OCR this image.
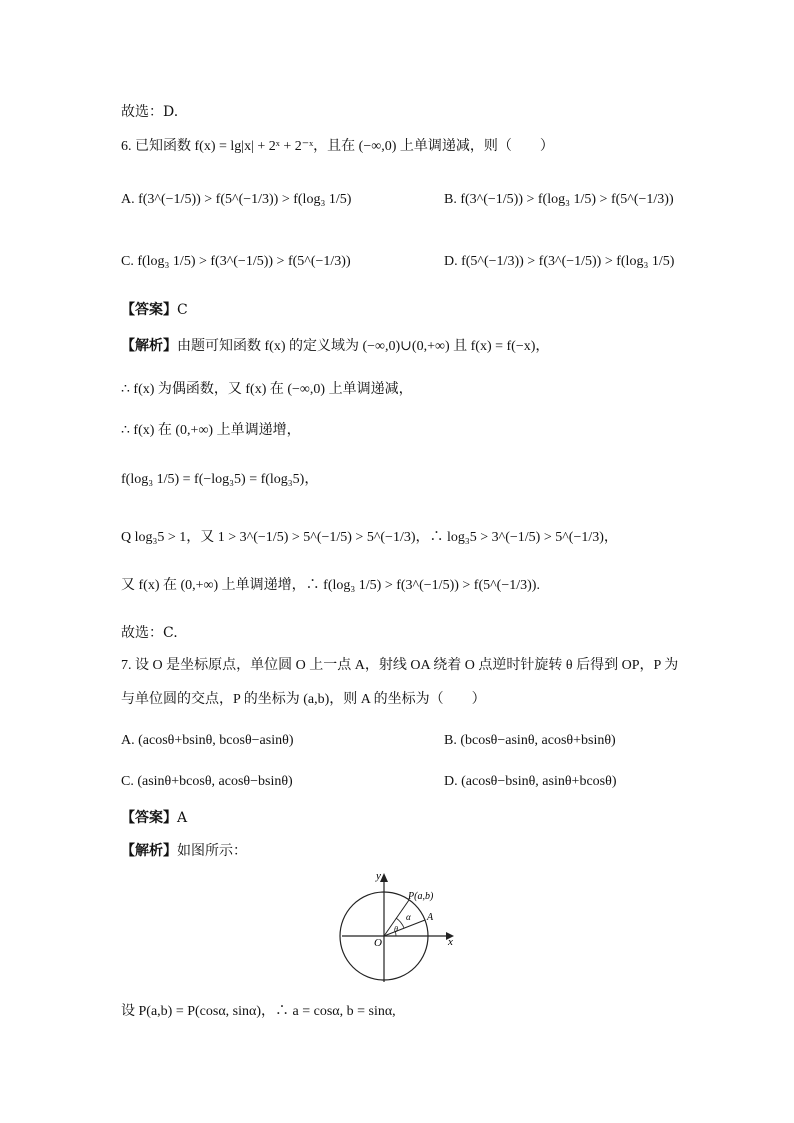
故选：D.
6. 已知函数 f(x) = lg|x| + 2ˣ + 2⁻ˣ，且在 (−∞,0) 上单调递减，则（　　）
A. f(3^(−1/5)) > f(5^(−1/3)) > f(log₃ 1/5)	B. f(3^(−1/5)) > f(log₃ 1/5) > f(5^(−1/3))
C. f(log₃ 1/5) > f(3^(−1/5)) > f(5^(−1/3))	D. f(5^(−1/3)) > f(3^(−1/5)) > f(log₃ 1/5)
【答案】C
【解析】由题可知函数 f(x) 的定义域为 (−∞,0)∪(0,+∞) 且 f(x) = f(−x)，
∴ f(x) 为偶函数，又 f(x) 在 (−∞,0) 上单调递减，
∴ f(x) 在 (0,+∞) 上单调递增，
f(log₃ 1/5) = f(−log₃5) = f(log₃5)，
Q log₃5 > 1，又 1 > 3^(−1/5) > 5^(−1/5) > 5^(−1/3)，∴ log₃5 > 3^(−1/5) > 5^(−1/3)，
又 f(x) 在 (0,+∞) 上单调递增，∴ f(log₃ 1/5) > f(3^(−1/5)) > f(5^(−1/3)).
故选：C.
7. 设 O 是坐标原点，单位圆 O 上一点 A，射线 OA 绕着 O 点逆时针旋转 θ 后得到 OP，P 为
与单位圆的交点，P 的坐标为 (a,b)，则 A 的坐标为（　　）
A. (acosθ+bsinθ, bcosθ−asinθ)	B. (bcosθ−asinθ, acosθ+bsinθ)
C. (asinθ+bcosθ, acosθ−bsinθ)	D. (acosθ−bsinθ, asinθ+bcosθ)
【答案】A
【解析】如图所示：
y
x
O
P(a,b)
A
α
θ
设 P(a,b) = P(cosα, sinα)，∴ a = cosα, b = sinα,
